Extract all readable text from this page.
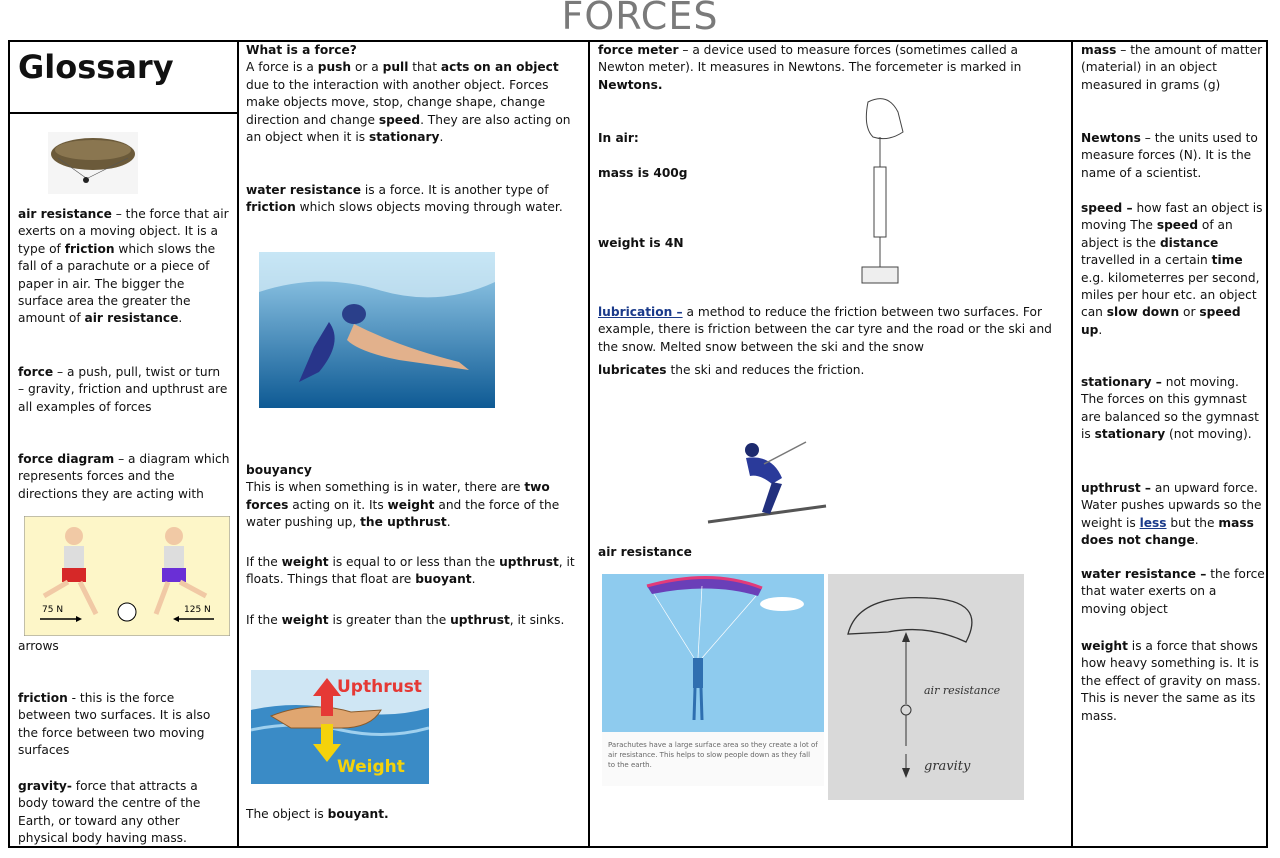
FORCES
Glossary
air resistance – the force that air exerts on a moving object. It is a type of friction which slows the fall of a parachute or a piece of paper in air. The bigger the surface area the greater the amount of air resistance.
force – a push, pull, twist or turn – gravity, friction and upthrust are all examples of forces
force diagram – a diagram which represents forces and the directions they are acting with
75 N	125 N
arrows
friction - this is the force between two surfaces. It is also the force between two moving surfaces
gravity- force that attracts a body toward the centre of the Earth, or toward any other physical body having mass.
What is a force?
A force is a push or a pull that acts on an object due to the interaction with another object. Forces make objects move, stop, change shape, change direction and change speed. They are also acting on an object when it is stationary.
water resistance is a force. It is another type of friction which slows objects moving through water.
bouyancy
This is when something is in water, there are two forces acting on it. Its weight and the force of the water pushing up, the upthrust.
If the weight is equal to or less than the upthrust, it floats. Things that float are buoyant.
If the weight is greater than the upthrust, it sinks.
Upthrust
Weight
The object is bouyant.
force meter – a device used to measure forces (sometimes called a Newton meter). It measures in Newtons. The forcemeter is marked in Newtons.
In air:
mass is 400g
weight is 4N
lubrication – a method to reduce the friction between two surfaces. For example, there is friction between the car tyre and the road or the ski and the snow. Melted snow between the ski and the snow
lubricates the ski and reduces the friction.
air resistance
Parachutes have a large surface area so they create a lot of air resistance. This helps to slow people down as they fall to the earth.
air resistance
gravity
mass – the amount of matter (material) in an object measured in grams (g)
Newtons – the units used to measure forces (N). It is the name of a scientist.
speed – how fast an object is moving The speed of an abject is the distance travelled in a certain time e.g. kilometerres per second, miles per hour etc. an object can slow down or speed up.
stationary – not moving. The forces on this gymnast are balanced so the gymnast is stationary (not moving).
upthrust – an upward force. Water pushes upwards so the weight is less but the mass does not change.
water resistance – the force that water exerts on a moving object
weight is a force that shows how heavy something is. It is the effect of gravity on mass. This is never the same as its mass.
